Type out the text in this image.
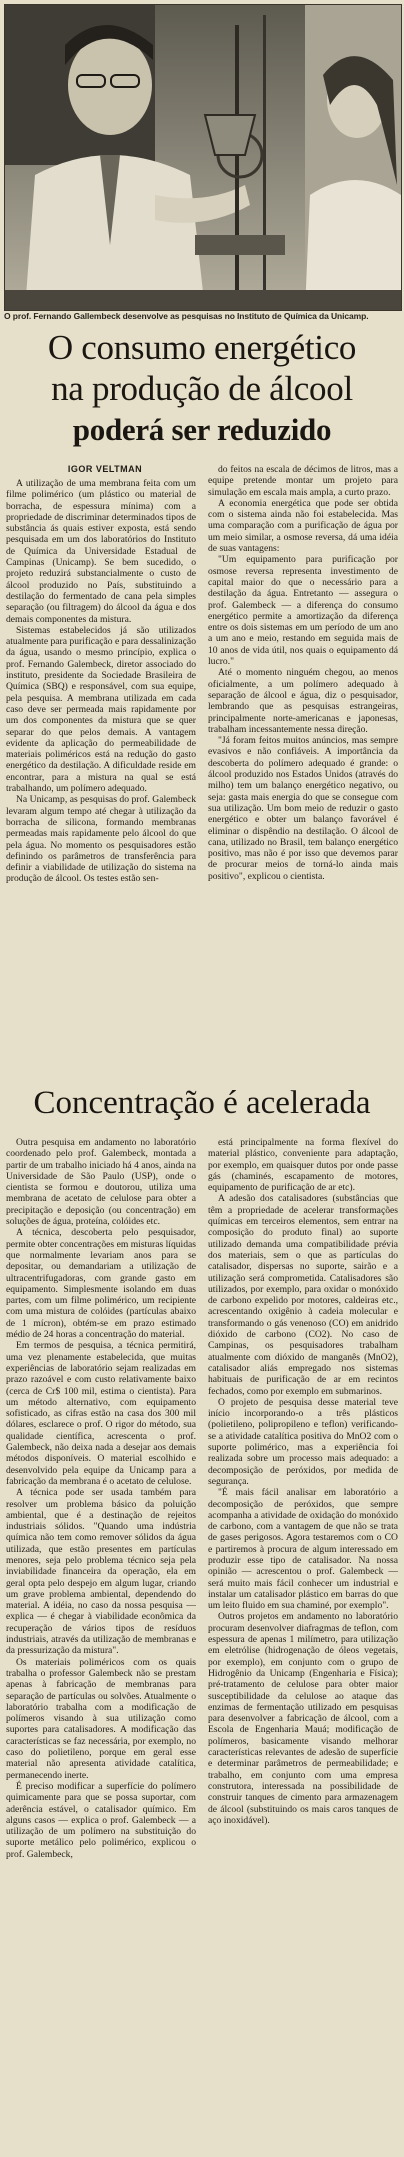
O prof. Fernando Gallembeck desenvolve as pesquisas no Instituto de Química da Unicamp.
O consumo energético
na produção de álcool
poderá ser reduzido
IGOR VELTMAN

A utilização de uma membrana feita com um filme polimérico (um plástico ou material de borracha, de espessura mínima) com a propriedade de discriminar determinados tipos de substância ás quais estiver exposta, está sendo pesquisada em um dos laboratórios do Instituto de Química da Universidade Estadual de Campinas (Unicamp). Se bem sucedido, o projeto reduzirá substancialmente o custo de álcool produzido no País, substituindo a destilação do fermentado de cana pela simples separação (ou filtragem) do álcool da água e dos demais componentes da mistura.

Sistemas estabelecidos já são utilizados atualmente para purificação e para dessalinização da água, usando o mesmo princípio, explica o prof. Fernando Galembeck, diretor associado do instituto, presidente da Sociedade Brasileira de Química (SBQ) e responsável, com sua equipe, pela pesquisa. A membrana utilizada em cada caso deve ser permeada mais rapidamente por um dos componentes da mistura que se quer separar do que pelos demais. A vantagem evidente da aplicação do permeabilidade de materiais poliméricos está na redução do gasto energético da destilação. A dificuldade reside em encontrar, para a mistura na qual se está trabalhando, um polímero adequado.

Na Unicamp, as pesquisas do prof. Galembeck levaram algum tempo até chegar à utilização da borracha de silicona, formando membranas permeadas mais rapidamente pelo álcool do que pela água. No momento os pesquisadores estão definindo os parâmetros de transferência para definir a viabilidade de utilização do sistema na produção de álcool. Os testes estão sen-

do feitos na escala de décimos de litros, mas a equipe pretende montar um projeto para simulação em escala mais ampla, a curto prazo.

A economia energética que pode ser obtida com o sistema ainda não foi estabelecida. Mas uma comparação com a purificação de água por um meio similar, a osmose reversa, dá uma idéia de suas vantagens:

"Um equipamento para purificação por osmose reversa representa investimento de capital maior do que o necessário para a destilação da água. Entretanto — assegura o prof. Galembeck — a diferença do consumo energético permite a amortização da diferença entre os dois sistemas em um período de um ano a um ano e meio, restando em seguida mais de 10 anos de vida útil, nos quais o equipamento dá lucro."

Até o momento ninguém chegou, ao menos oficialmente, a um polímero adequado à separação de álcool e água, diz o pesquisador, lembrando que as pesquisas estrangeiras, principalmente norte-americanas e japonesas, trabalham incessantemente nessa direção.

"Já foram feitos muitos anúncios, mas sempre evasivos e não confiáveis. A importância da descoberta do polímero adequado é grande: o álcool produzido nos Estados Unidos (através do milho) tem um balanço energético negativo, ou seja: gasta mais energia do que se consegue com sua utilização. Um bom meio de reduzir o gasto energético e obter um balanço favorável é eliminar o dispêndio na destilação. O álcool de cana, utilizado no Brasil, tem balanço energético positivo, mas não é por isso que devemos parar de procurar meios de torná-lo ainda mais positivo", explicou o cientista.

Concentração é acelerada

Outra pesquisa em andamento no laboratório coordenado pelo prof. Galembeck, montada a partir de um trabalho iniciado há 4 anos, ainda na Universidade de São Paulo (USP), onde o cientista se formou e doutorou, utiliza uma membrana de acetato de celulose para obter a precipitação e deposição (ou concentração) em soluções de água, proteína, colóides etc.

A técnica, descoberta pelo pesquisador, permite obter concentrações em misturas líquidas que normalmente levariam anos para se depositar, ou demandariam a utilização de ultracentrifugadoras, com grande gasto em equipamento. Simplesmente isolando em duas partes, com um filme polimérico, um recipiente com uma mistura de colóides (partículas abaixo de 1 mícron), obtém-se em prazo estimado médio de 24 horas a concentração do material.

Em termos de pesquisa, a técnica permitirá, uma vez plenamente estabelecida, que muitas experiências de laboratório sejam realizadas em prazo razoável e com custo relativamente baixo (cerca de Cr$ 100 mil, estima o cientista). Para um método alternativo, com equipamento sofisticado, as cifras estão na casa dos 300 mil dólares, esclarece o prof. O rigor do método, sua qualidade científica, acrescenta o prof. Galembeck, não deixa nada a desejar aos demais métodos disponíveis. O material escolhido e desenvolvido pela equipe da Unicamp para a fabricação da membrana é o acetato de celulose.

A técnica pode ser usada também para resolver um problema básico da poluição ambiental, que é a destinação de rejeitos industriais sólidos. "Quando uma indústria química não tem como remover sólidos da água utilizada, que estão presentes em partículas menores, seja pelo problema técnico seja pela inviabilidade financeira da operação, ela em geral opta pelo despejo em algum lugar, criando um grave problema ambiental, dependendo do material. A idéia, no caso da nossa pesquisa — explica — é chegar à viabilidade econômica da recuperação de vários tipos de resíduos industriais, através da utilização de membranas e da pressurização da mistura".

Os materiais poliméricos com os quais trabalha o professor Galembeck não se prestam apenas à fabricação de membranas para separação de partículas ou solvões. Atualmente o laboratório trabalha com a modificação de polímeros visando à sua utilização como suportes para catalisadores. A modificação das características se faz necessária, por exemplo, no caso do polietileno, porque em geral esse material não apresenta atividade catalítica, permanecendo inerte.

É preciso modificar a superfície do polímero quimicamente para que se possa suportar, com aderência estável, o catalisador químico. Em alguns casos — explica o prof. Galembeck — a utilização de um polímero na substituição do suporte metálico pelo polimérico, explicou o prof. Galembeck,

está principalmente na forma flexível do material plástico, conveniente para adaptação, por exemplo, em quaisquer dutos por onde passe gás (chaminés, escapamento de motores, equipamento de purificação de ar etc).

A adesão dos catalisadores (substâncias que têm a propriedade de acelerar transformações químicas em terceiros elementos, sem entrar na composição do produto final) ao suporte utilizado demanda uma compatibilidade prévia dos materiais, sem o que as partículas do catalisador, dispersas no suporte, sairão e a utilização será comprometida. Catalisadores são utilizados, por exemplo, para oxidar o monóxido de carbono expelido por motores, caldeiras etc., acrescentando oxigênio à cadeia molecular e transformando o gás venenoso (CO) em anidrido dióxido de carbono (CO2). No caso de Campinas, os pesquisadores trabalham atualmente com dióxido de manganês (MnO2), catalisador aliás empregado nos sistemas habituais de purificação de ar em recintos fechados, como por exemplo em submarinos.

O projeto de pesquisa desse material teve início incorporando-o a três plásticos (polietileno, polipropileno e teflon) verificando-se a atividade catalítica positiva do MnO2 com o suporte polimérico, mas a experiência foi realizada sobre um processo mais adequado: a decomposição de peróxidos, por medida de segurança.

"É mais fácil analisar em laboratório a decomposição de peróxidos, que sempre acompanha a atividade de oxidação do monóxido de carbono, com a vantagem de que não se trata de gases perigosos. Agora testaremos com o CO e partiremos à procura de algum interessado em produzir esse tipo de catalisador. Na nossa opinião — acrescentou o prof. Galembeck — será muito mais fácil conhecer um industrial e instalar um catalisador plástico em barras do que um leito fluido em sua chaminé, por exemplo".

Outros projetos em andamento no laboratório procuram desenvolver diafragmas de teflon, com espessura de apenas 1 milímetro, para utilização em eletrólise (hidrogenação de óleos vegetais, por exemplo), em conjunto com o grupo de Hidrogênio da Unicamp (Engenharia e Física); pré-tratamento de celulose para obter maior susceptibilidade da celulose ao ataque das enzimas de fermentação utilizado em pesquisas para desenvolver a fabricação de álcool, com a Escola de Engenharia Mauá; modificação de polímeros, basicamente visando melhorar características relevantes de adesão de superfície e determinar parâmetros de permeabilidade; e trabalho, em conjunto com uma empresa construtora, interessada na possibilidade de construir tanques de cimento para armazenagem de álcool (substituindo os mais caros tanques de aço inoxidável).
